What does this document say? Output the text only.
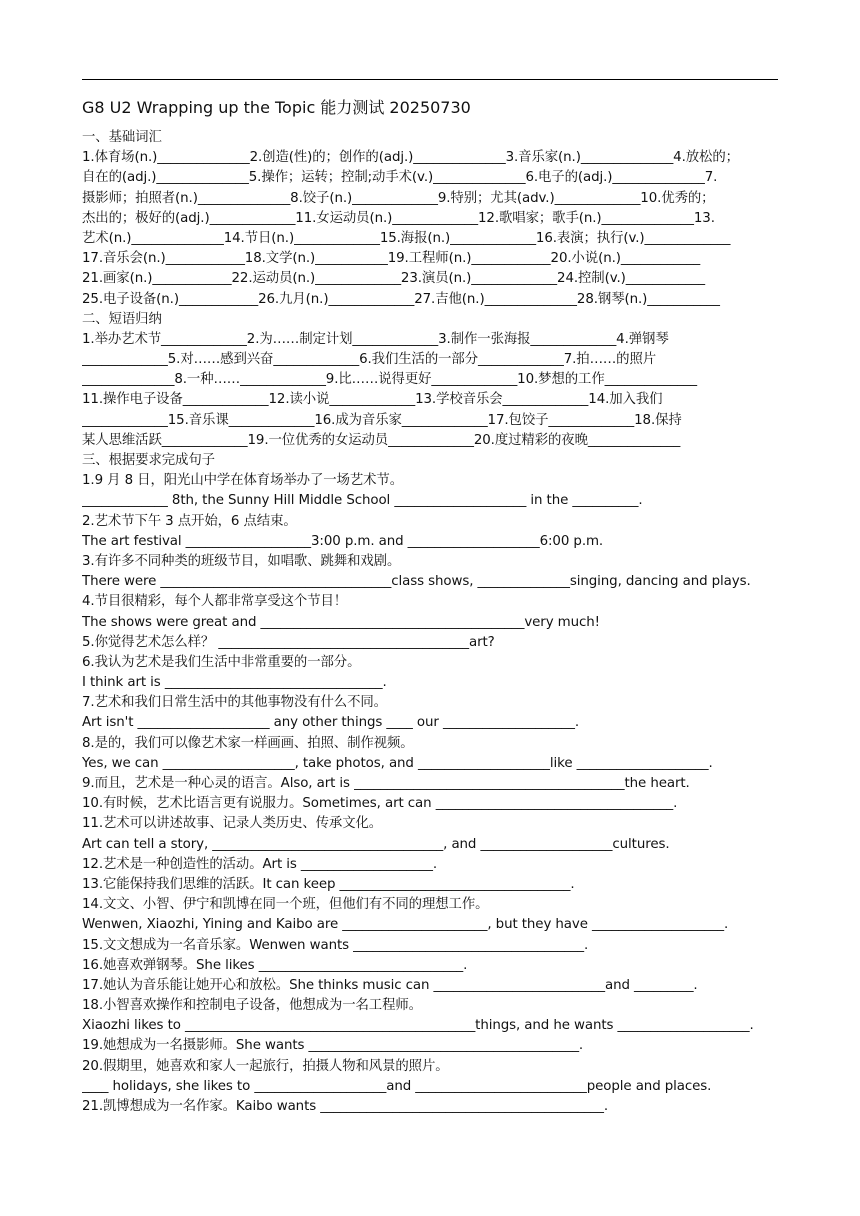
G8 U2 Wrapping up the Topic 能力测试 20250730
一、基础词汇
1.体育场(n.)______________2.创造(性)的；创作的(adj.)______________3.音乐家(n.)______________4.放松的；
自在的(adj.)______________5.操作；运转；控制;动手术(v.)______________6.电子的(adj.)______________7.
摄影师；拍照者(n.)______________8.饺子(n.)_____________9.特别；尤其(adv.)_____________10.优秀的；
杰出的；极好的(adj.)_____________11.女运动员(n.)_____________12.歌唱家；歌手(n.)______________13.
艺术(n.)______________14.节日(n.)_____________15.海报(n.)_____________16.表演；执行(v.)_____________
17.音乐会(n.)____________18.文学(n.)___________19.工程师(n.)____________20.小说(n.)____________
21.画家(n.)____________22.运动员(n.)_____________23.演员(n.)_____________24.控制(v.)____________
25.电子设备(n.)____________26.九月(n.)_____________27.吉他(n.)______________28.钢琴(n.)___________
二、短语归纳
1.举办艺术节_____________2.为……制定计划_____________3.制作一张海报_____________4.弹钢琴
_____________5.对……感到兴奋_____________6.我们生活的一部分_____________7.拍……的照片
______________8.一种……_____________9.比……说得更好_____________10.梦想的工作______________
11.操作电子设备_____________12.读小说_____________13.学校音乐会_____________14.加入我们
_____________15.音乐课_____________16.成为音乐家_____________17.包饺子_____________18.保持
某人思维活跃_____________19.一位优秀的女运动员_____________20.度过精彩的夜晚______________
三、根据要求完成句子
1.9 月 8 日，阳光山中学在体育场举办了一场艺术节。
_____________ 8th, the Sunny Hill Middle School ____________________ in the __________.
2.艺术节下午 3 点开始，6 点结束。
The art festival ___________________3:00 p.m. and ____________________6:00 p.m.
3.有许多不同种类的班级节目，如唱歌、跳舞和戏剧。
There were ___________________________________class shows, ______________singing, dancing and plays.
4.节目很精彩，每个人都非常享受这个节目！
The shows were great and ________________________________________very much!
5.你觉得艺术怎么样？ ______________________________________art?
6.我认为艺术是我们生活中非常重要的一部分。
I think art is _________________________________.
7.艺术和我们日常生活中的其他事物没有什么不同。
Art isn't ____________________ any other things ____ our ____________________.
8.是的，我们可以像艺术家一样画画、拍照、制作视频。
Yes, we can ____________________, take photos, and ____________________like ____________________.
9.而且，艺术是一种心灵的语言。Also, art is _________________________________________the heart.
10.有时候，艺术比语言更有说服力。Sometimes, art can ____________________________________.
11.艺术可以讲述故事、记录人类历史、传承文化。
Art can tell a story, ___________________________________, and ____________________cultures.
12.艺术是一种创造性的活动。Art is ____________________.
13.它能保持我们思维的活跃。It can keep ___________________________________.
14.文文、小智、伊宁和凯博在同一个班，但他们有不同的理想工作。
Wenwen, Xiaozhi, Yining and Kaibo are ______________________, but they have ____________________.
15.文文想成为一名音乐家。Wenwen wants ___________________________________.
16.她喜欢弹钢琴。She likes _______________________________.
17.她认为音乐能让她开心和放松。She thinks music can __________________________and _________.
18.小智喜欢操作和控制电子设备，他想成为一名工程师。
Xiaozhi likes to ____________________________________________things, and he wants ____________________.
19.她想成为一名摄影师。She wants _________________________________________.
20.假期里，她喜欢和家人一起旅行，拍摄人物和风景的照片。
____ holidays, she likes to ____________________and __________________________people and places.
21.凯博想成为一名作家。Kaibo wants ___________________________________________.
